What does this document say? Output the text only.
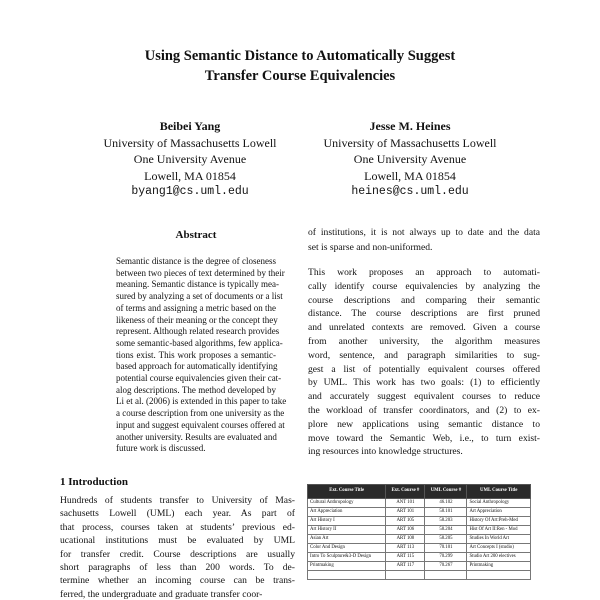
Using Semantic Distance to Automatically Suggest
Transfer Course Equivalencies
Beibei Yang
University of Massachusetts Lowell
One University Avenue
Lowell, MA 01854
byang1@cs.uml.edu
Jesse M. Heines
University of Massachusetts Lowell
One University Avenue
Lowell, MA 01854
heines@cs.uml.edu
Abstract
Semantic distance is the degree of closeness
between two pieces of text determined by their
meaning. Semantic distance is typically mea-
sured by analyzing a set of documents or a list
of terms and assigning a metric based on the
likeness of their meaning or the concept they
represent. Although related research provides
some semantic-based algorithms, few applica-
tions exist. This work proposes a semantic-
based approach for automatically identifying
potential course equivalencies given their cat-
alog descriptions. The method developed by
Li et al. (2006) is extended in this paper to take
a course description from one university as the
input and suggest equivalent courses offered at
another university. Results are evaluated and
future work is discussed.
of institutions, it is not always up to date and the data
set is sparse and non-uniformed.
This work proposes an approach to automati-
cally identify course equivalencies by analyzing the
course descriptions and comparing their semantic
distance. The course descriptions are first pruned
and unrelated contexts are removed. Given a course
from another university, the algorithm measures
word, sentence, and paragraph similarities to sug-
gest a list of potentially equivalent courses offered
by UML. This work has two goals: (1) to efficiently
and accurately suggest equivalent courses to reduce
the workload of transfer coordinators, and (2) to ex-
plore new applications using semantic distance to
move toward the Semantic Web, i.e., to turn exist-
ing resources into knowledge structures.
1 Introduction
Hundreds of students transfer to University of Mas-
sachusetts Lowell (UML) each year. As part of
that process, courses taken at students’ previous ed-
ucational institutions must be evaluated by UML
for transfer credit. Course descriptions are usually
short paragraphs of less than 200 words. To de-
termine whether an incoming course can be trans-
ferred, the undergraduate and graduate transfer coor-
Ext. Course Title	Ext. Course #	UML Course #	UML Course Title
Cultural Anthropology	ANT 101	46.102	Social Anthropology
Art Appreciation	ART 101	58.101	Art Appreciation
Art History I	ART 105	58.203	History Of Art:Preh-Med
Art History II	ART 106	58.204	Hist Of Art II:Ren - Mod
Asian Art	ART 108	58.205	Studies In World Art
Color And Design	ART 113	70.101	Art Concepts I (studio)
Intro To Sculpture&3-D Design	ART 115	70.299	Studio Art 200 electives
Printmaking	ART 117	70.267	Printmaking
